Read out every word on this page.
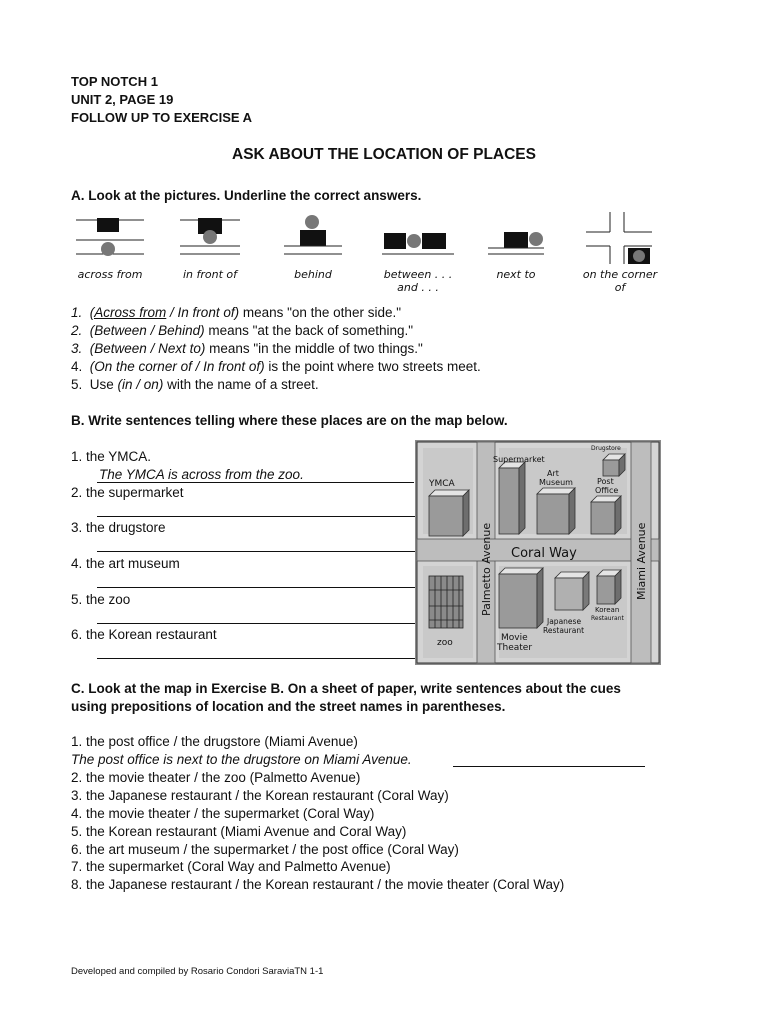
TOP NOTCH 1
UNIT 2, PAGE 19
FOLLOW UP TO EXERCISE A
ASK ABOUT THE LOCATION OF PLACES
A. Look at the pictures. Underline the correct answers.
across from	in front of	behind	between . . . and . . .
next to	on the corner of
1. (Across from / In front of) means "on the other side."
2. (Between / Behind) means "at the back of something."
3. (Between / Next to) means "in the middle of two things."
4. (On the corner of / In front of) is the point where two streets meet.
5. Use (in / on) with the name of a street.
B. Write sentences telling where these places are on the map below.
1. the YMCA.
The YMCA is across from the zoo.
2. the supermarket
3. the drugstore
4. the art museum
5. the zoo
6. the Korean restaurant
YMCA
Supermarket
Drugstore
Art
Museum	Post
Office
Coral Way
Palmetto Avenue	Miami Avenue
zoo	Movie
Theater
Japanese
Restaurant
Korean
Restaurant
C. Look at the map in Exercise B. On a sheet of paper, write sentences about the cues
using prepositions of location and the street names in parentheses.
1. the post office / the drugstore (Miami Avenue)
The post office is next to the drugstore on Miami Avenue.
2. the movie theater / the zoo (Palmetto Avenue)
3. the Japanese restaurant / the Korean restaurant (Coral Way)
4. the movie theater / the supermarket (Coral Way)
5. the Korean restaurant (Miami Avenue and Coral Way)
6. the art museum / the supermarket / the post office (Coral Way)
7. the supermarket (Coral Way and Palmetto Avenue)
8. the Japanese restaurant / the Korean restaurant / the movie theater (Coral Way)
Developed and compiled by Rosario Condori SaraviaTN 1-1
